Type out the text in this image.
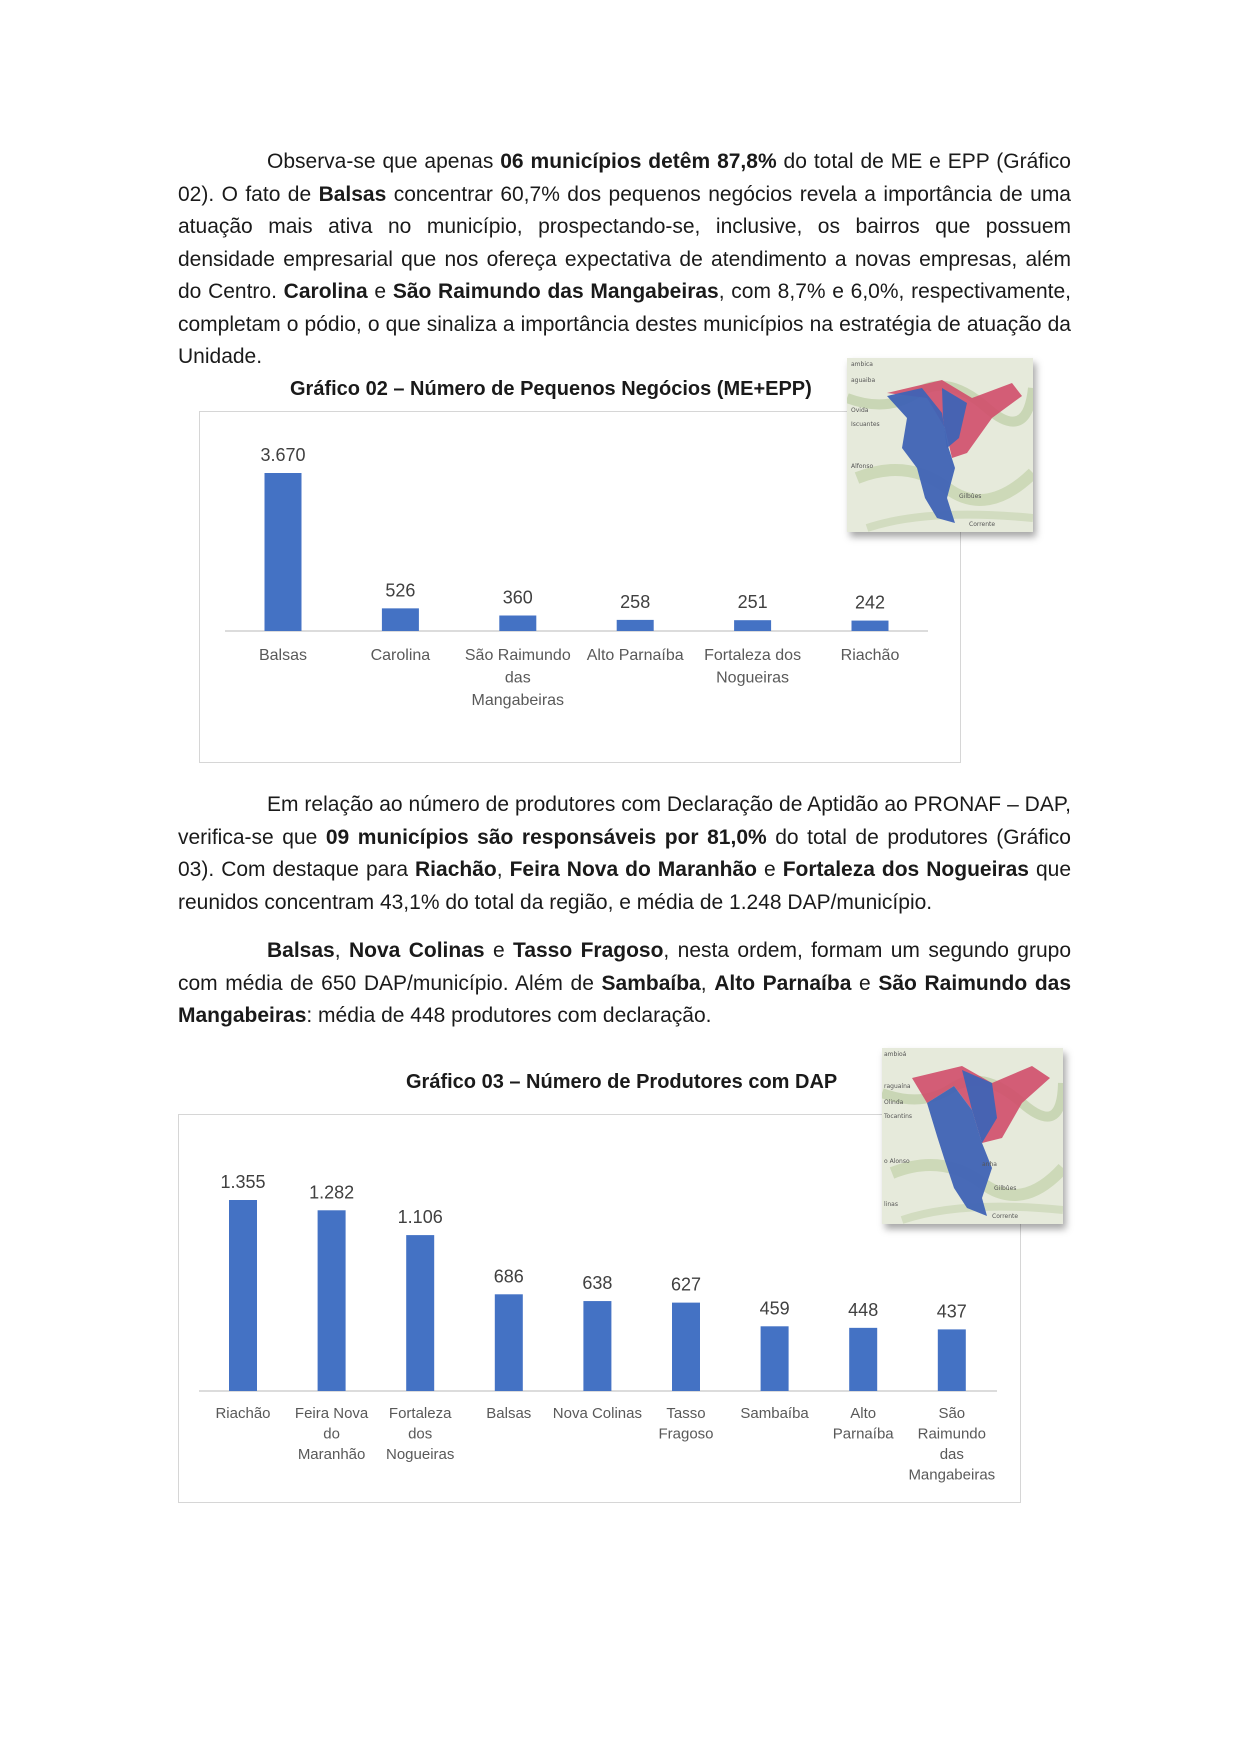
Observa-se que apenas 06 municípios detêm 87,8% do total de ME e EPP (Gráfico 02). O fato de Balsas concentrar 60,7% dos pequenos negócios revela a importância de uma atuação mais ativa no município, prospectando-se, inclusive, os bairros que possuem densidade empresarial que nos ofereça expectativa de atendimento a novas empresas, além do Centro. Carolina e São Raimundo das Mangabeiras, com 8,7% e 6,0%, respectivamente, completam o pódio, o que sinaliza a importância destes municípios na estratégia de atuação da Unidade.

Gráfico 02 – Número de Pequenos Negócios (ME+EPP)
3.670
Balsas
526
Carolina
360
São Raimundo
das
Mangabeiras
258
Alto Parnaíba
251
Fortaleza dos
Nogueiras
242
Riachão
ambica
aguaiba
Ovida
Iscuantes
Alfonso
Gilbûes
Corrente

Em relação ao número de produtores com Declaração de Aptidão ao PRONAF – DAP, verifica-se que 09 municípios são responsáveis por 81,0% do total de produtores (Gráfico 03). Com destaque para Riachão, Feira Nova do Maranhão e Fortaleza dos Nogueiras que reunidos concentram 43,1% do total da região, e média de 1.248 DAP/município.

Balsas, Nova Colinas e Tasso Fragoso, nesta ordem, formam um segundo grupo com média de 650 DAP/município. Além de Sambaíba, Alto Parnaíba e São Raimundo das Mangabeiras: média de 448 produtores com declaração.

Gráfico 03 – Número de Produtores com DAP
1.355
Riachão
1.282
Feira Nova
do
Maranhão
1.106
Fortaleza
dos
Nogueiras
686
Balsas
638
Nova Colinas
627
Tasso
Fragoso
459
Sambaíba
448
Alto
Parnaíba
437
São
Raimundo
das
Mangabeiras
ambioá
raguaína
Olinda
Tocantins
o Alonso	anha
Gilbûes
linas
Corrente
